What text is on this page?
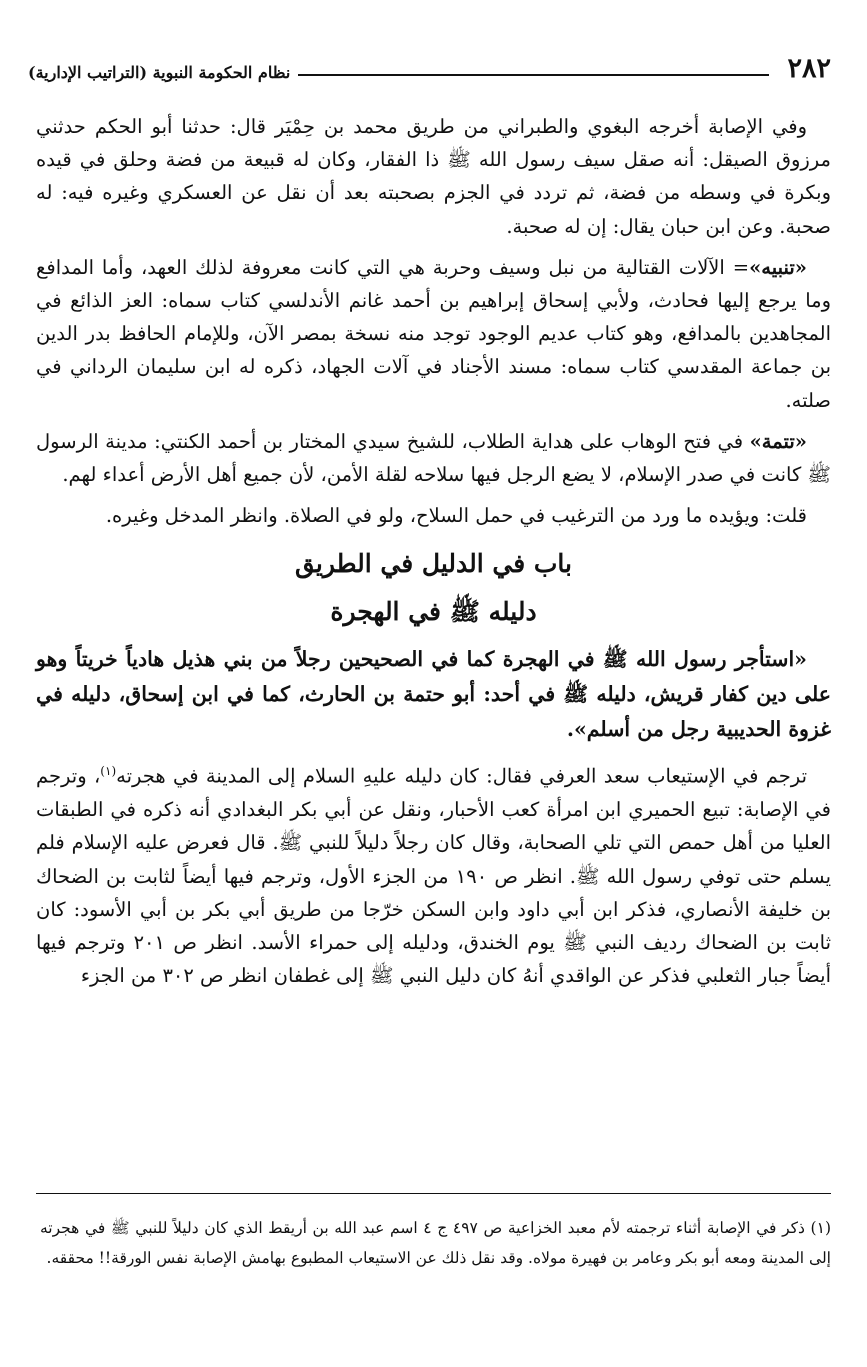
٢٨٢
نظام الحكومة النبوية (التراتيب الإدارية)

وفي الإصابة أخرجه البغوي والطبراني من طريق محمد بن حِمْيَر قال: حدثنا أبو الحكم حدثني مرزوق الصيقل: أنه صقل سيف رسول الله ﷺ ذا الفقار، وكان له قبيعة من فضة وحلق في قيده وبكرة في وسطه من فضة، ثم تردد في الجزم بصحبته بعد أن نقل عن العسكري وغيره فيه: له صحبة. وعن ابن حبان يقال: إن له صحبة.

«تنبيه»= الآلات القتالية من نبل وسيف وحربة هي التي كانت معروفة لذلك العهد، وأما المدافع وما يرجع إليها فحادث، ولأبي إسحاق إبراهيم بن أحمد غانم الأندلسي كتاب سماه: العز الذائع في المجاهدين بالمدافع، وهو كتاب عديم الوجود توجد منه نسخة بمصر الآن، وللإمام الحافظ بدر الدين بن جماعة المقدسي كتاب سماه: مسند الأجناد في آلات الجهاد، ذكره له ابن سليمان الرداني في صلته.

«تتمة» في فتح الوهاب على هداية الطلاب، للشيخ سيدي المختار بن أحمد الكنتي: مدينة الرسول ﷺ كانت في صدر الإسلام، لا يضع الرجل فيها سلاحه لقلة الأمن، لأن جميع أهل الأرض أعداء لهم.

قلت: ويؤيده ما ورد من الترغيب في حمل السلاح، ولو في الصلاة. وانظر المدخل وغيره.

باب في الدليل في الطريق
دليله ﷺ في الهجرة

«استأجر رسول الله ﷺ في الهجرة كما في الصحيحين رجلاً من بني هذيل هادياً خريتاً وهو على دين كفار قريش، دليله ﷺ في أحد: أبو حتمة بن الحارث، كما في ابن إسحاق، دليله في غزوة الحديبية رجل من أسلم».

ترجم في الإستيعاب سعد العرفي فقال: كان دليله عليهِ السلام إلى المدينة في هجرته$^{(١)}$، وترجم في الإصابة: تبيع الحميري ابن امرأة كعب الأحبار، ونقل عن أبي بكر البغدادي أنه ذكره في الطبقات العليا من أهل حمص التي تلي الصحابة، وقال كان رجلاً دليلاً للنبي ﷺ. قال فعرض عليه الإسلام فلم يسلم حتى توفي رسول الله ﷺ. انظر ص ١٩٠ من الجزء الأول، وترجم فيها أيضاً لثابت بن الضحاك بن خليفة الأنصاري، فذكر ابن أبي داود وابن السكن خرّجا من طريق أبي بكر بن أبي الأسود: كان ثابت بن الضحاك رديف النبي ﷺ يوم الخندق، ودليله إلى حمراء الأسد. انظر ص ٢٠١ وترجم فيها أيضاً جبار الثعلبي فذكر عن الواقدي أنهُ كان دليل النبي ﷺ إلى غطفان انظر ص ٣٠٢ من الجزء

(١) ذكر في الإصابة أثناء ترجمته لأم معبد الخزاعية ص ٤٩٧ ج ٤ اسم عبد الله بن أريقط الذي كان دليلاً للنبي ﷺ في هجرته إلى المدينة ومعه أبو بكر وعامر بن فهيرة مولاه. وقد نقل ذلك عن الاستيعاب المطبوع بهامش الإصابة نفس الورقة!! محققه.
